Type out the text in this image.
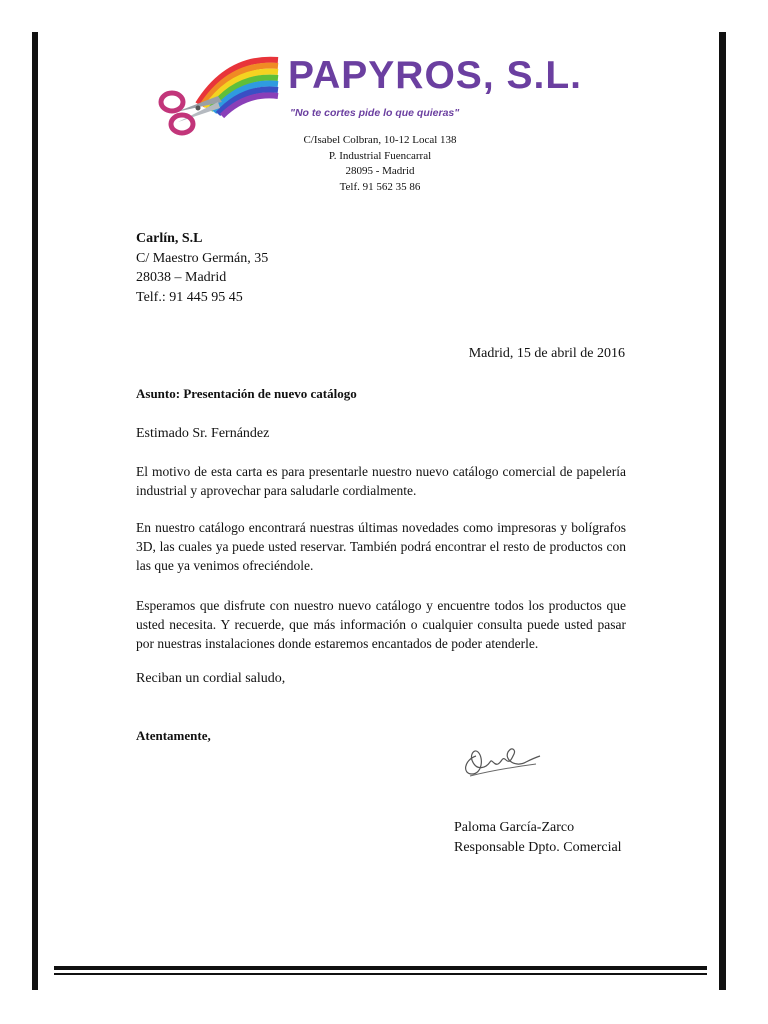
PAPYROS, S.L.
"No te cortes pide lo que quieras"
C/Isabel Colbran, 10-12 Local 138
P. Industrial Fuencarral
28095 - Madrid
Telf. 91 562 35 86
Carlín, S.L
C/ Maestro Germán, 35
28038 – Madrid
Telf.: 91 445 95 45
Madrid, 15 de abril de 2016
Asunto: Presentación de nuevo catálogo
Estimado Sr. Fernández
El motivo de esta carta es para presentarle nuestro nuevo catálogo comercial de papelería industrial y aprovechar para saludarle cordialmente.
En nuestro catálogo encontrará nuestras últimas novedades como impresoras y bolígrafos 3D, las cuales ya puede usted reservar. También podrá encontrar el resto de productos con las que ya venimos ofreciéndole.
Esperamos que disfrute con nuestro nuevo catálogo y encuentre todos los productos que usted necesita. Y recuerde, que más información o cualquier consulta puede usted pasar por nuestras instalaciones donde estaremos encantados de poder atenderle.
Reciban un cordial saludo,
Atentamente,
Paloma García-Zarco
Responsable Dpto. Comercial
